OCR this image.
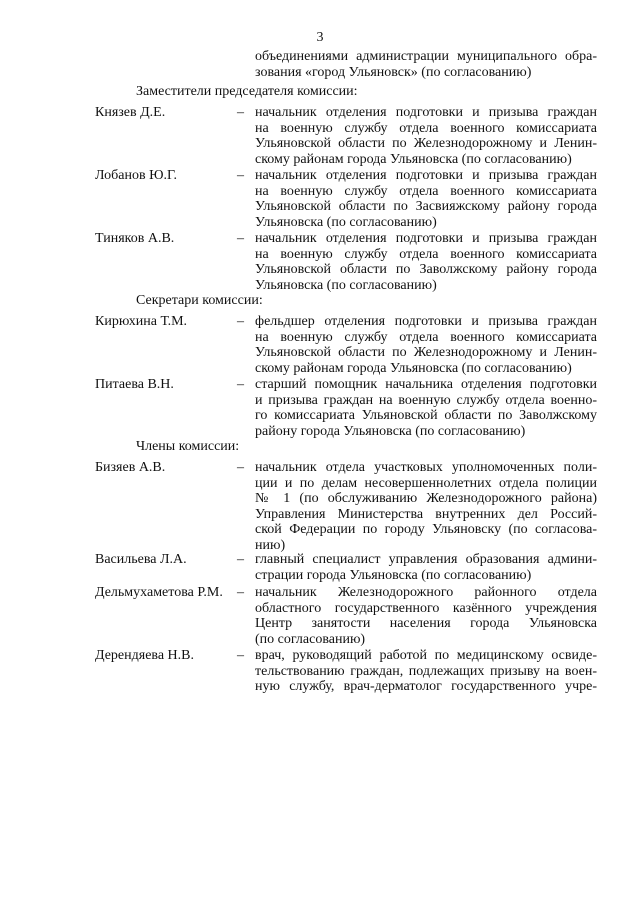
3
объединениями администрации муниципального обра- зования «город Ульяновск» (по согласованию)
Заместители председателя комиссии:
Князев Д.Е.	– начальник отделения подготовки и призыва граждан
на военную службу отдела военного комиссариата
Ульяновской области по Железнодорожному и Ленин-
скому районам города Ульяновска (по согласованию)
Лобанов Ю.Г.	– начальник отделения подготовки и призыва граждан
на военную службу отдела военного комиссариата
Ульяновской области по Засвияжскому району города
Ульяновска (по согласованию)
Тиняков А.В.	– начальник отделения подготовки и призыва граждан
на военную службу отдела военного комиссариата
Ульяновской области по Заволжскому району города
Ульяновска (по согласованию)
Секретари комиссии:
Кирюхина Т.М.	– фельдшер отделения подготовки и призыва граждан
на военную службу отдела военного комиссариата
Ульяновской области по Железнодорожному и Ленин-
скому районам города Ульяновска (по согласованию)
Питаева В.Н.	– старший помощник начальника отделения подготовки
и призыва граждан на военную службу отдела военно-
го комиссариата Ульяновской области по Заволжскому
району города Ульяновска (по согласованию)
Члены комиссии:
Бизяев А.В.	– начальник отдела участковых уполномоченных поли-
ции и по делам несовершеннолетних отдела полиции
№ 1 (по обслуживанию Железнодорожного района)
Управления Министерства внутренних дел Россий-
ской Федерации по городу Ульяновску (по согласова-
нию)
Васильева Л.А.	– главный специалист управления образования админи-
страции города Ульяновска (по согласованию)
Дельмухаметова Р.М. – начальник Железнодорожного районного отдела
областного государственного казённого учреждения
Центр занятости населения города Ульяновска
(по согласованию)
Дерендяева Н.В.	– врач, руководящий работой по медицинскому освиде-
тельствованию граждан, подлежащих призыву на воен-
ную службу, врач-дерматолог государственного учре-
